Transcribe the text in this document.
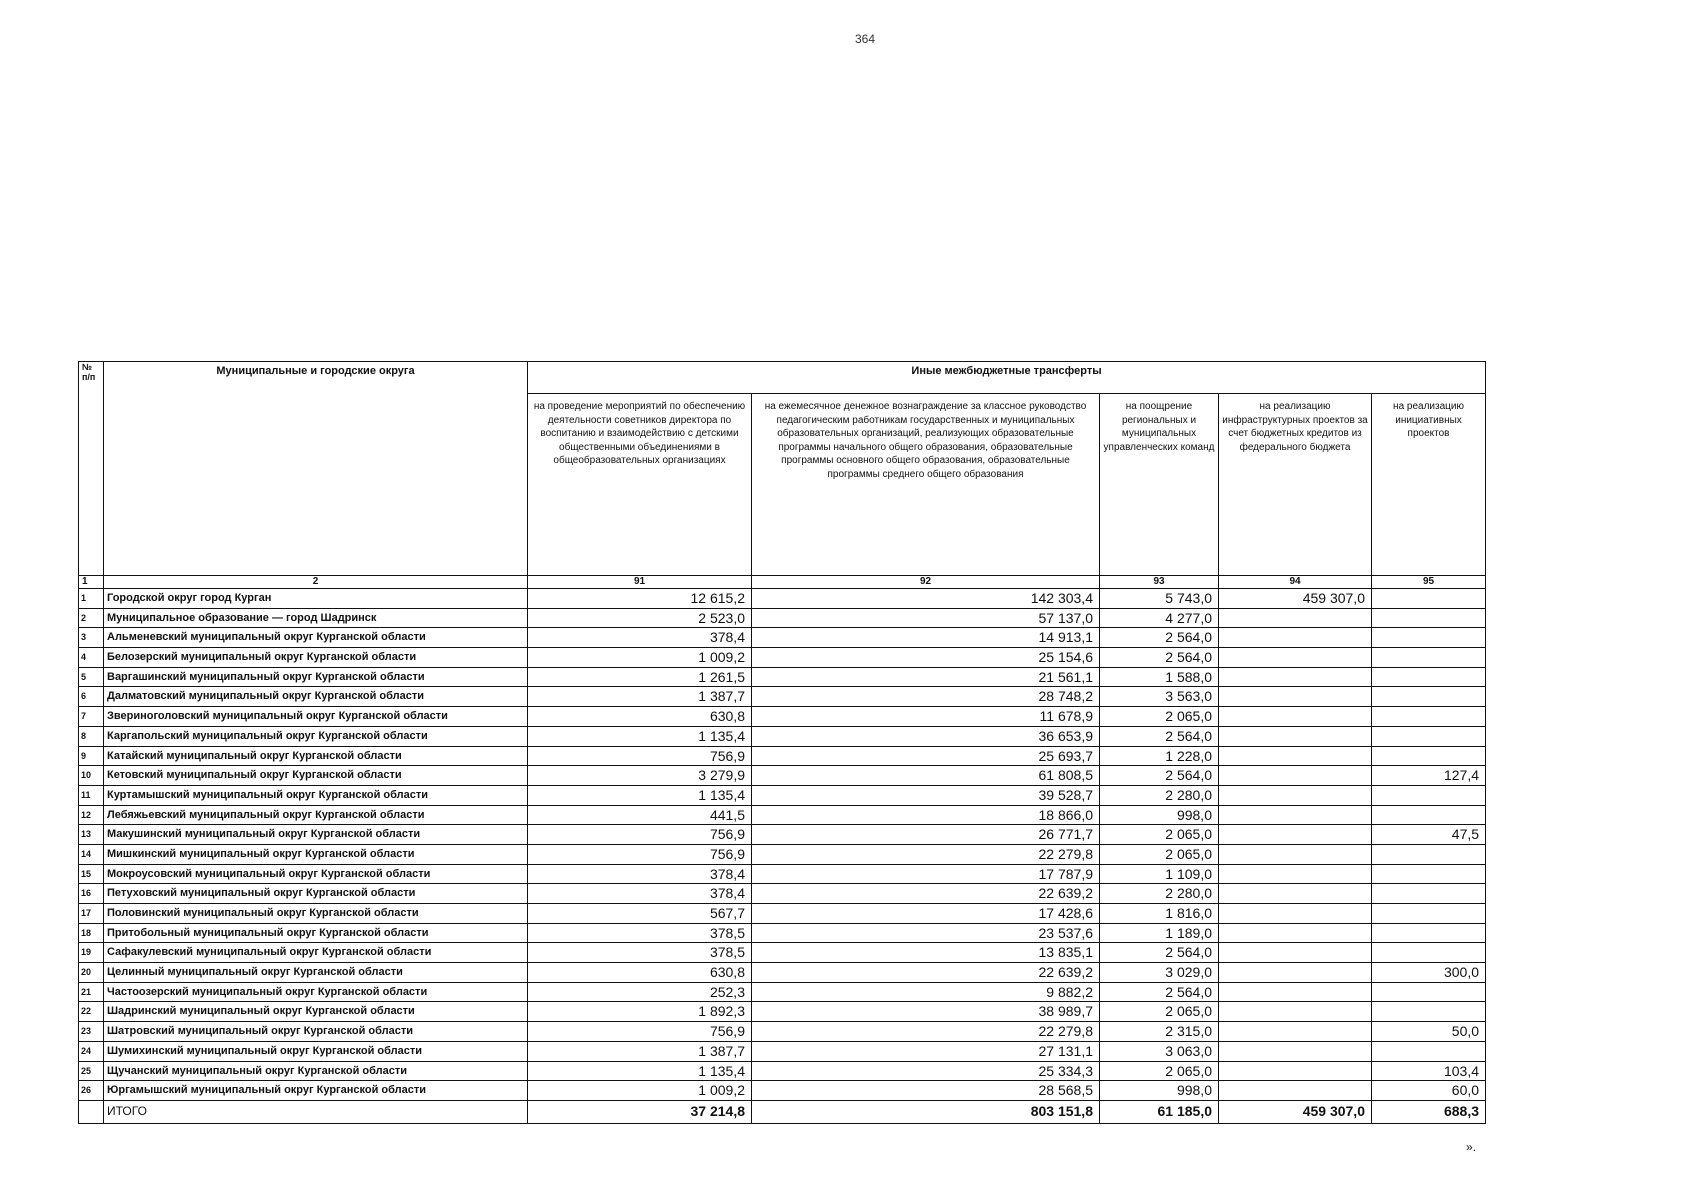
364
№ п/п	Муниципальные и городские округа	Иные межбюджетные трансферты				
		на проведение мероприятий по обеспечению деятельности советников директора по воспитанию и взаимодействию с детскими общественными объединениями в общеобразовательных организациях	на ежемесячное денежное вознаграждение за классное руководство педагогическим работникам государственных и муниципальных образовательных организаций, реализующих образовательные программы начального общего образования, образовательные программы основного общего образования, образовательные программы среднего общего образования	на поощрение региональных и муниципальных управленческих команд	на реализацию инфраструктурных проектов за счет бюджетных кредитов из федерального бюджета	на реализацию инициативных проектов
1	2	91	92	93	94	95
1	Городской округ город Курган	12 615,2	142 303,4	5 743,0	459 307,0	
2	Муниципальное образование — город Шадринск	2 523,0	57 137,0	4 277,0		
3	Альменевский муниципальный округ Курганской области	378,4	14 913,1	2 564,0		
4	Белозерский муниципальный округ Курганской области	1 009,2	25 154,6	2 564,0		
5	Варгашинский муниципальный округ Курганской области	1 261,5	21 561,1	1 588,0		
6	Далматовский муниципальный округ Курганской области	1 387,7	28 748,2	3 563,0		
7	Звериноголовский муниципальный округ Курганской области	630,8	11 678,9	2 065,0		
8	Каргапольский муниципальный округ Курганской области	1 135,4	36 653,9	2 564,0		
9	Катайский муниципальный округ Курганской области	756,9	25 693,7	1 228,0		
10	Кетовский муниципальный округ Курганской области	3 279,9	61 808,5	2 564,0		127,4
11	Куртамышский муниципальный округ Курганской области	1 135,4	39 528,7	2 280,0		
12	Лебяжьевский муниципальный округ Курганской области	441,5	18 866,0	998,0		
13	Макушинский муниципальный округ Курганской области	756,9	26 771,7	2 065,0		47,5
14	Мишкинский муниципальный округ Курганской области	756,9	22 279,8	2 065,0		
15	Мокроусовский муниципальный округ Курганской области	378,4	17 787,9	1 109,0		
16	Петуховский муниципальный округ Курганской области	378,4	22 639,2	2 280,0		
17	Половинский муниципальный округ Курганской области	567,7	17 428,6	1 816,0		
18	Притобольный муниципальный округ Курганской области	378,5	23 537,6	1 189,0		
19	Сафакулевский муниципальный округ Курганской области	378,5	13 835,1	2 564,0		
20	Целинный муниципальный округ Курганской области	630,8	22 639,2	3 029,0		300,0
21	Частоозерский муниципальный округ Курганской области	252,3	9 882,2	2 564,0		
22	Шадринский муниципальный округ Курганской области	1 892,3	38 989,7	2 065,0		
23	Шатровский муниципальный округ Курганской области	756,9	22 279,8	2 315,0		50,0
24	Шумихинский муниципальный округ Курганской области	1 387,7	27 131,1	3 063,0		
25	Щучанский муниципальный округ Курганской области	1 135,4	25 334,3	2 065,0		103,4
26	Юргамышский муниципальный округ Курганской области	1 009,2	28 568,5	998,0		60,0
	ИТОГО	37 214,8	803 151,8	61 185,0	459 307,0	688,3
».
